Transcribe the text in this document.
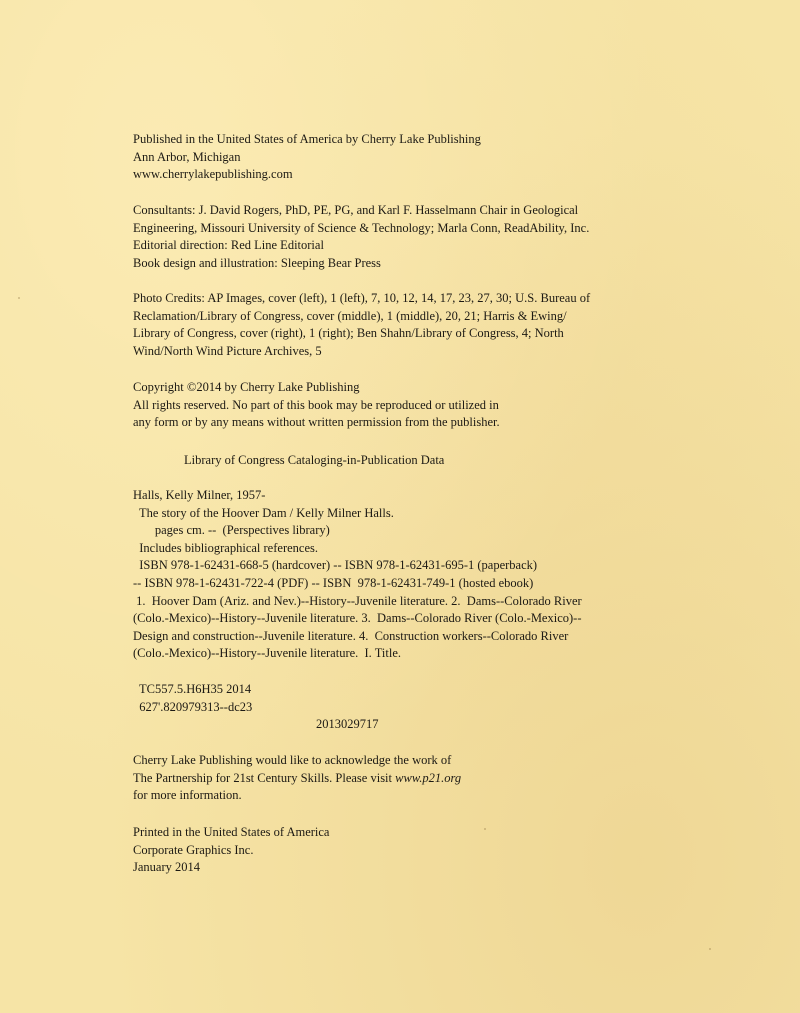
Published in the United States of America by Cherry Lake Publishing
Ann Arbor, Michigan
www.cherrylakepublishing.com
Consultants: J. David Rogers, PhD, PE, PG, and Karl F. Hasselmann Chair in Geological
Engineering, Missouri University of Science & Technology; Marla Conn, ReadAbility, Inc.
Editorial direction: Red Line Editorial
Book design and illustration: Sleeping Bear Press
Photo Credits: AP Images, cover (left), 1 (left), 7, 10, 12, 14, 17, 23, 27, 30; U.S. Bureau of
Reclamation/Library of Congress, cover (middle), 1 (middle), 20, 21; Harris & Ewing/
Library of Congress, cover (right), 1 (right); Ben Shahn/Library of Congress, 4; North
Wind/North Wind Picture Archives, 5
Copyright ©2014 by Cherry Lake Publishing
All rights reserved. No part of this book may be reproduced or utilized in
any form or by any means without written permission from the publisher.
Library of Congress Cataloging-in-Publication Data
Halls, Kelly Milner, 1957-
The story of the Hoover Dam / Kelly Milner Halls.
pages cm. --  (Perspectives library)
Includes bibliographical references.
ISBN 978-1-62431-668-5 (hardcover) -- ISBN 978-1-62431-695-1 (paperback)
-- ISBN 978-1-62431-722-4 (PDF) -- ISBN  978-1-62431-749-1 (hosted ebook)
1.  Hoover Dam (Ariz. and Nev.)--History--Juvenile literature. 2.  Dams--Colorado River
(Colo.-Mexico)--History--Juvenile literature. 3.  Dams--Colorado River (Colo.-Mexico)--
Design and construction--Juvenile literature. 4.  Construction workers--Colorado River
(Colo.-Mexico)--History--Juvenile literature.  I. Title.
TC557.5.H6H35 2014
627'.820979313--dc23
2013029717
Cherry Lake Publishing would like to acknowledge the work of
The Partnership for 21st Century Skills. Please visit www.p21.org
for more information.
Printed in the United States of America
Corporate Graphics Inc.
January 2014
